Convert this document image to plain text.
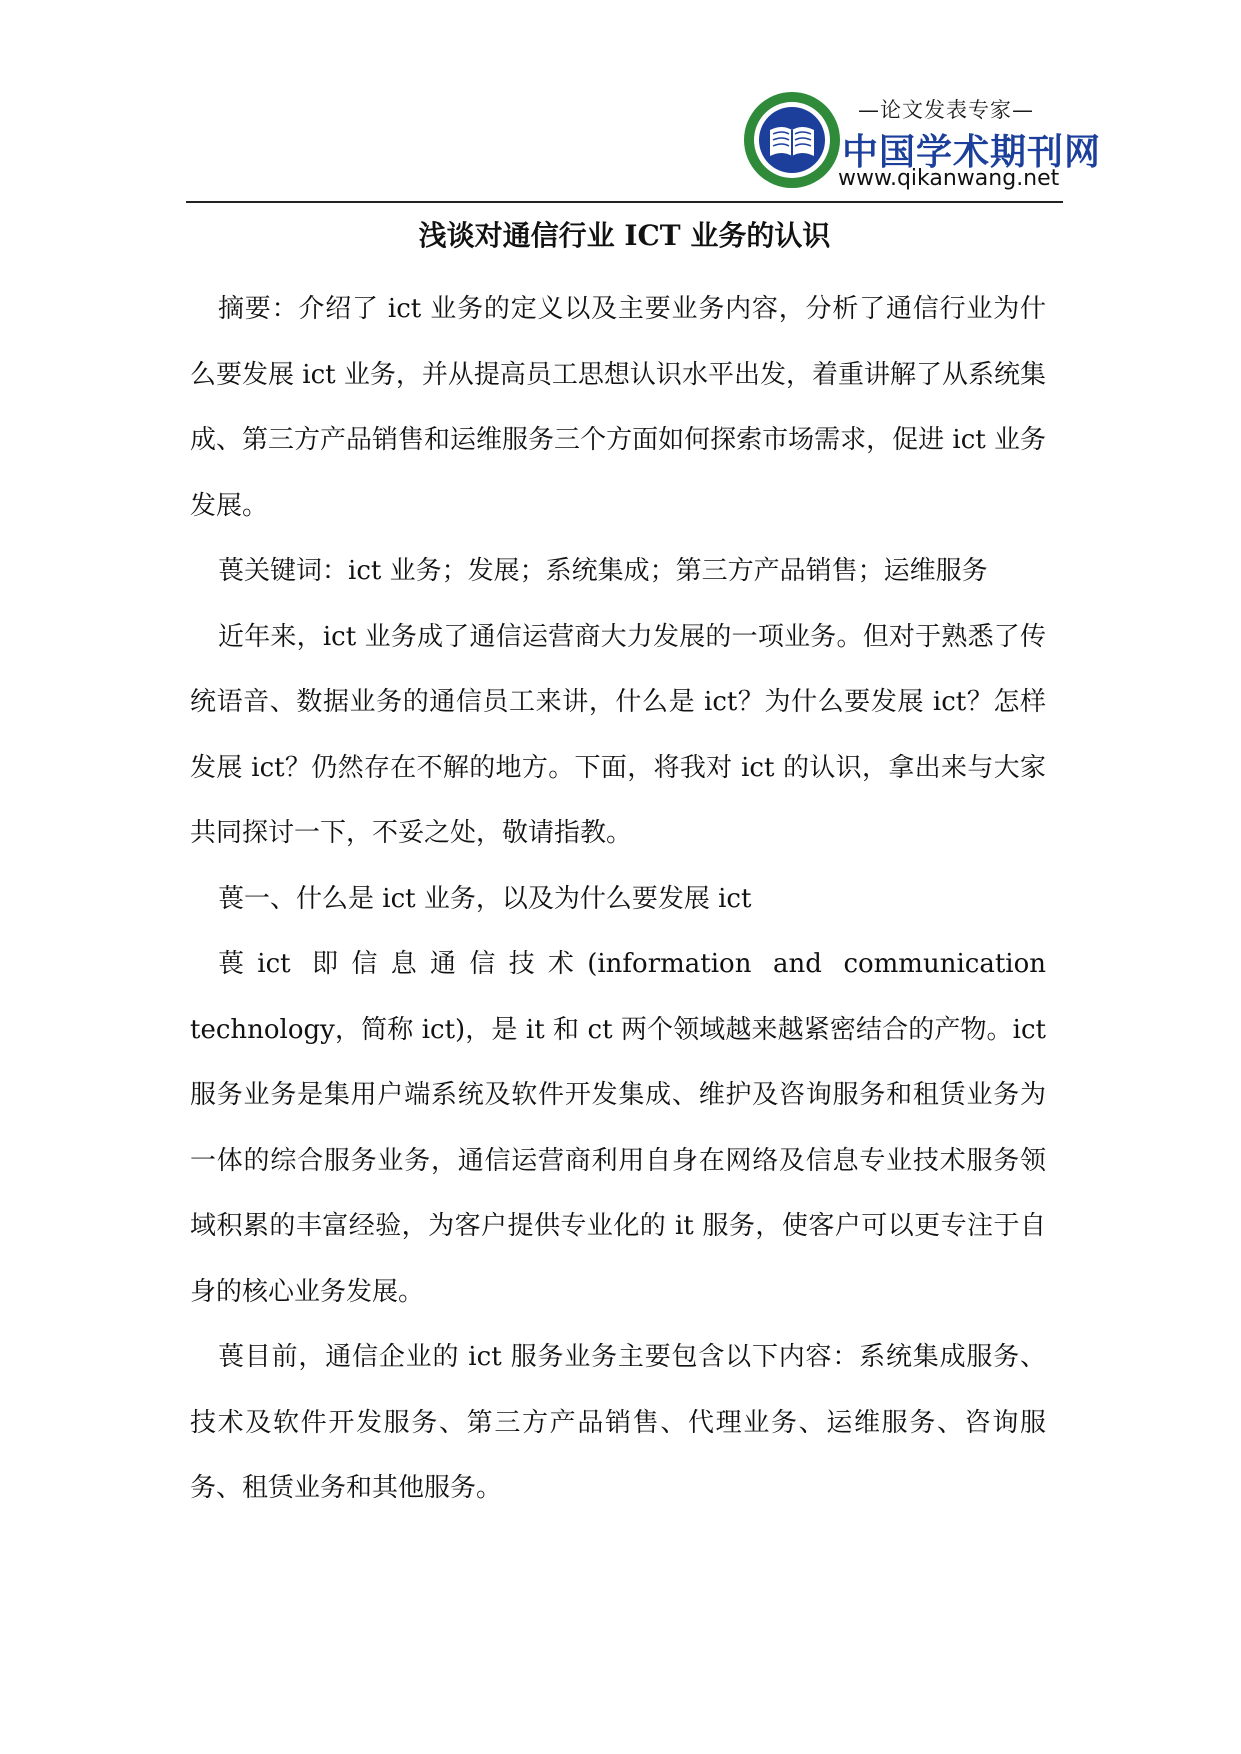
—论文发表专家—
中国学术期刊网
www.qikanwang.net
浅谈对通信行业 ICT 业务的认识

摘要：介绍了 ict 业务的定义以及主要业务内容，分析了通信行业为什么要发展 ict 业务，并从提高员工思想认识水平出发，着重讲解了从系统集成、第三方产品销售和运维服务三个方面如何探索市场需求，促进 ict 业务发展。

葨关键词：ict 业务；发展；系统集成；第三方产品销售；运维服务

近年来，ict 业务成了通信运营商大力发展的一项业务。但对于熟悉了传统语音、数据业务的通信员工来讲，什么是 ict？为什么要发展 ict？怎样发展 ict？仍然存在不解的地方。下面，将我对 ict 的认识，拿出来与大家共同探讨一下，不妥之处，敬请指教。

葨一、什么是 ict 业务，以及为什么要发展 ict

葨ict 即信息通信技术(information and communication technology，简称 ict)，是 it 和 ct 两个领域越来越紧密结合的产物。ict 服务业务是集用户端系统及软件开发集成、维护及咨询服务和租赁业务为一体的综合服务业务，通信运营商利用自身在网络及信息专业技术服务领域积累的丰富经验，为客户提供专业化的 it 服务，使客户可以更专注于自身的核心业务发展。

葨目前，通信企业的 ict 服务业务主要包含以下内容：系统集成服务、技术及软件开发服务、第三方产品销售、代理业务、运维服务、咨询服务、租赁业务和其他服务。
